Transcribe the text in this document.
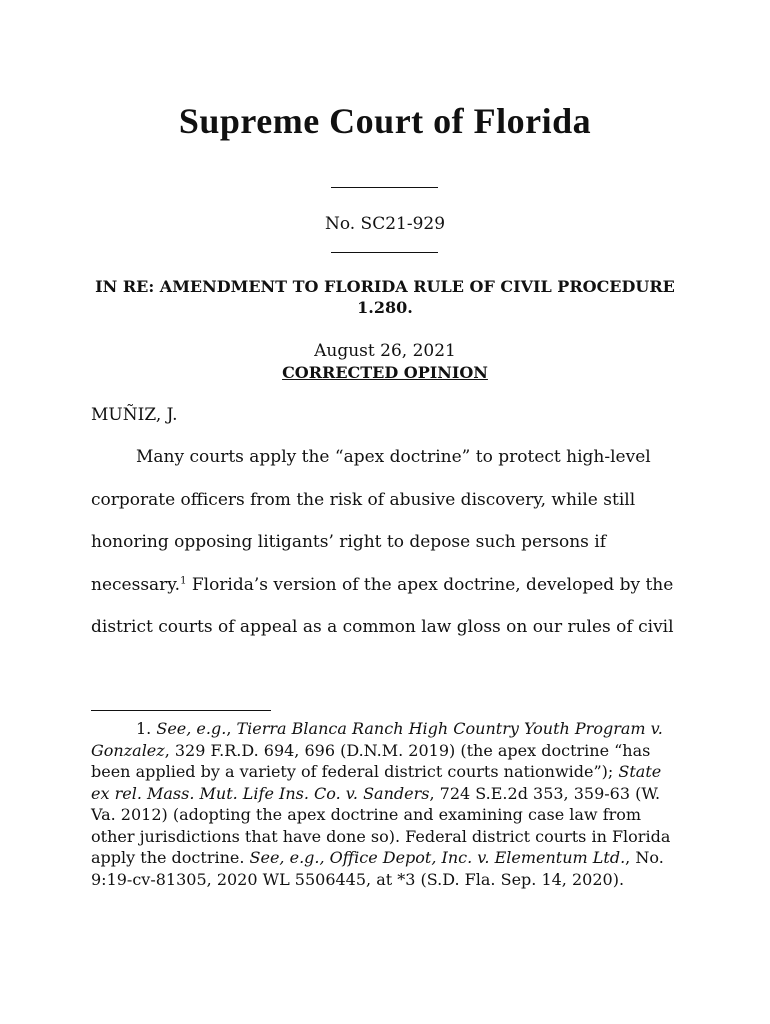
Supreme Court of Florida
No. SC21-929
IN RE: AMENDMENT TO FLORIDA RULE OF CIVIL PROCEDURE 1.280.
August 26, 2021
CORRECTED OPINION
MUÑIZ, J.
Many courts apply the “apex doctrine” to protect high-level corporate officers from the risk of abusive discovery, while still honoring opposing litigants’ right to depose such persons if necessary.$^1$ Florida’s version of the apex doctrine, developed by the district courts of appeal as a common law gloss on our rules of civil
1. See, e.g., Tierra Blanca Ranch High Country Youth Program v. Gonzalez, 329 F.R.D. 694, 696 (D.N.M. 2019) (the apex doctrine “has been applied by a variety of federal district courts nationwide”); State ex rel. Mass. Mut. Life Ins. Co. v. Sanders, 724 S.E.2d 353, 359-63 (W. Va. 2012) (adopting the apex doctrine and examining case law from other jurisdictions that have done so). Federal district courts in Florida apply the doctrine. See, e.g., Office Depot, Inc. v. Elementum Ltd., No. 9:19-cv-81305, 2020 WL 5506445, at *3 (S.D. Fla. Sep. 14, 2020).
